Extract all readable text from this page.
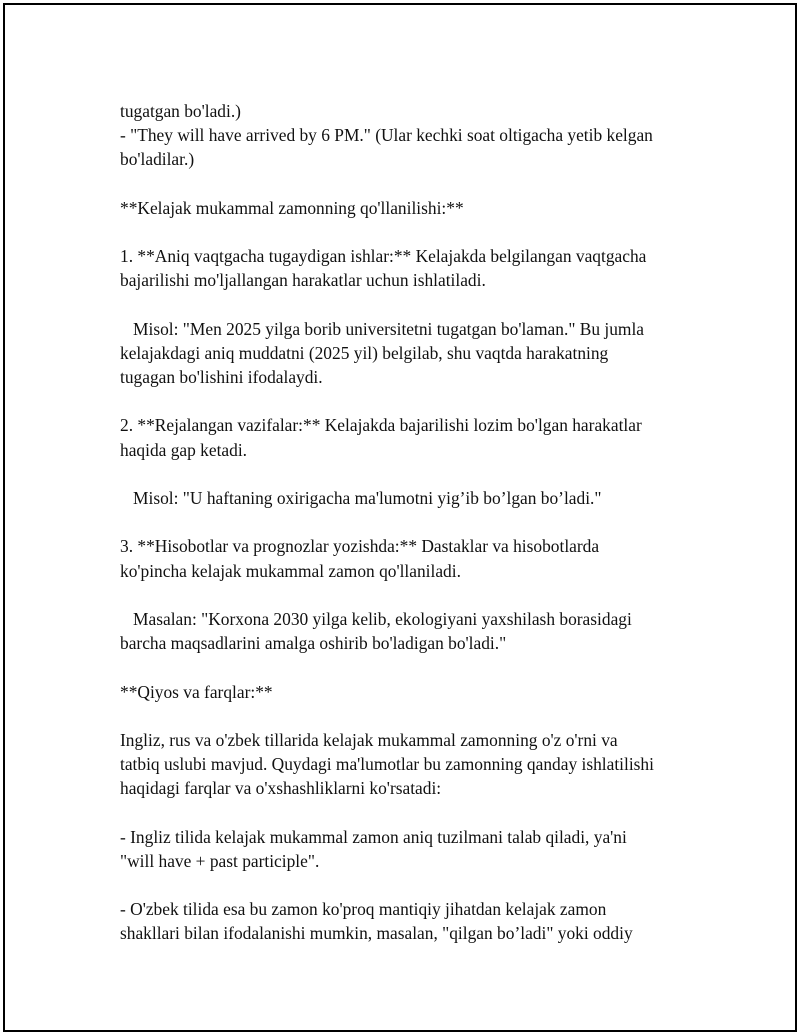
tugatgan bo'ladi.)
- "They will have arrived by 6 PM." (Ular kechki soat oltigacha yetib kelgan
bo'ladilar.)
**Kelajak mukammal zamonning qo'llanilishi:**
1. **Aniq vaqtgacha tugaydigan ishlar:** Kelajakda belgilangan vaqtgacha
bajarilishi mo'ljallangan harakatlar uchun ishlatiladi.
Misol: "Men 2025 yilga borib universitetni tugatgan bo'laman." Bu jumla
kelajakdagi aniq muddatni (2025 yil) belgilab, shu vaqtda harakatning
tugagan bo'lishini ifodalaydi.
2. **Rejalangan vazifalar:** Kelajakda bajarilishi lozim bo'lgan harakatlar
haqida gap ketadi.
Misol: "U haftaning oxirigacha ma'lumotni yig’ib bo’lgan bo’ladi."
3. **Hisobotlar va prognozlar yozishda:** Dastaklar va hisobotlarda
ko'pincha kelajak mukammal zamon qo'llaniladi.
Masalan: "Korxona 2030 yilga kelib, ekologiyani yaxshilash borasidagi
barcha maqsadlarini amalga oshirib bo'ladigan bo'ladi."
**Qiyos va farqlar:**
Ingliz, rus va o'zbek tillarida kelajak mukammal zamonning o'z o'rni va
tatbiq uslubi mavjud. Quydagi ma'lumotlar bu zamonning qanday ishlatilishi
haqidagi farqlar va o'xshashliklarni ko'rsatadi:
- Ingliz tilida kelajak mukammal zamon aniq tuzilmani talab qiladi, ya'ni
"will have + past participle".
- O'zbek tilida esa bu zamon ko'proq mantiqiy jihatdan kelajak zamon
shakllari bilan ifodalanishi mumkin, masalan, "qilgan bo’ladi" yoki oddiy
